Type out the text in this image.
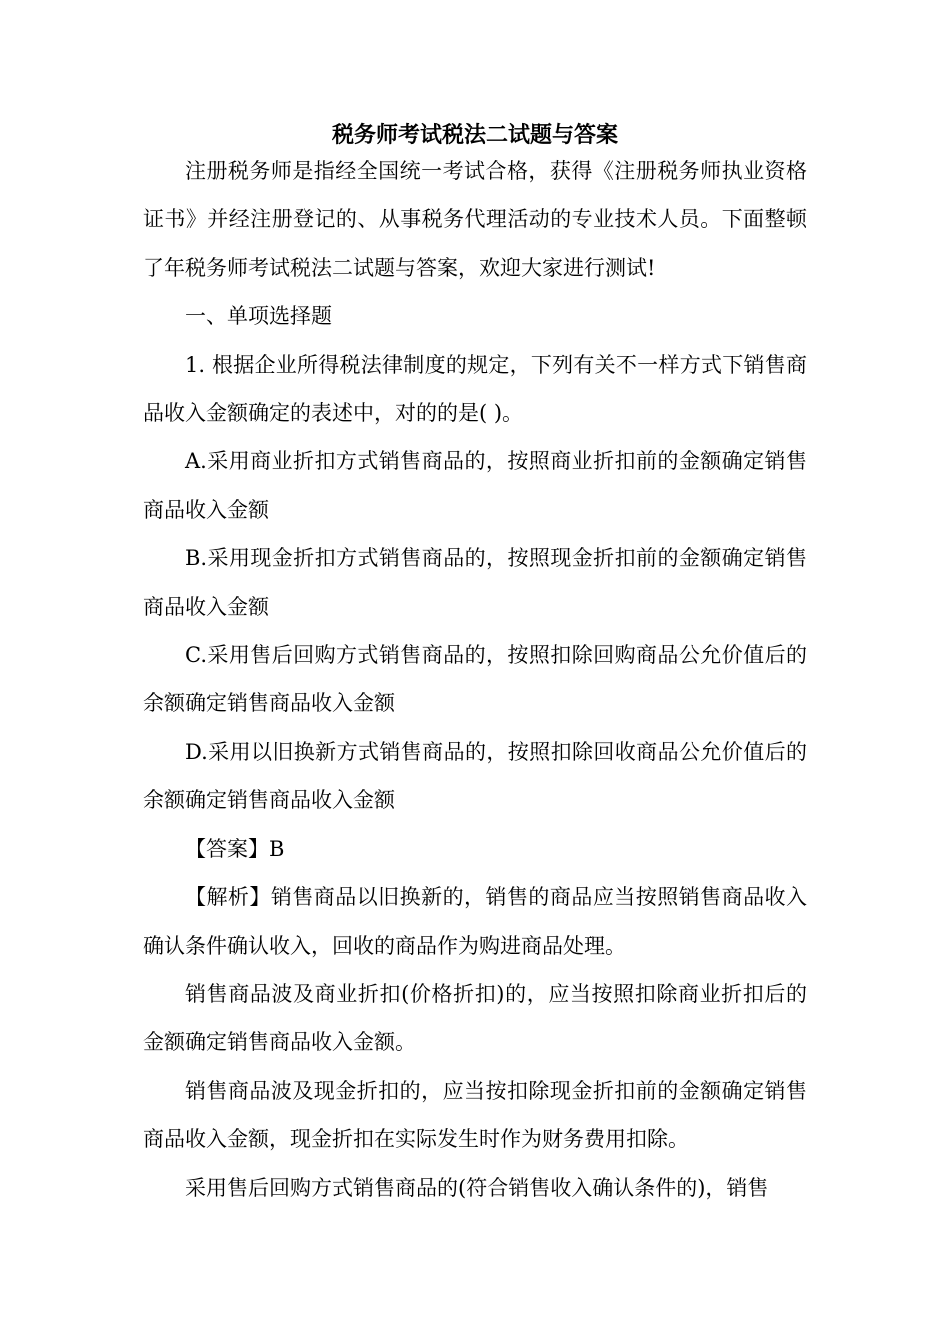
税务师考试税法二试题与答案

注册税务师是指经全国统一考试合格，获得《注册税务师执业资格证书》并经注册登记的、从事税务代理活动的专业技术人员。下面整顿了年税务师考试税法二试题与答案，欢迎大家进行测试!

一、单项选择题

1. 根据企业所得税法律制度的规定，下列有关不一样方式下销售商品收入金额确定的表述中，对的的是( )。

A.采用商业折扣方式销售商品的，按照商业折扣前的金额确定销售商品收入金额

B.采用现金折扣方式销售商品的，按照现金折扣前的金额确定销售商品收入金额

C.采用售后回购方式销售商品的，按照扣除回购商品公允价值后的余额确定销售商品收入金额

D.采用以旧换新方式销售商品的，按照扣除回收商品公允价值后的余额确定销售商品收入金额

【答案】B

【解析】销售商品以旧换新的，销售的商品应当按照销售商品收入确认条件确认收入，回收的商品作为购进商品处理。

销售商品波及商业折扣(价格折扣)的，应当按照扣除商业折扣后的金额确定销售商品收入金额。

销售商品波及现金折扣的，应当按扣除现金折扣前的金额确定销售商品收入金额，现金折扣在实际发生时作为财务费用扣除。

采用售后回购方式销售商品的(符合销售收入确认条件的)，销售
